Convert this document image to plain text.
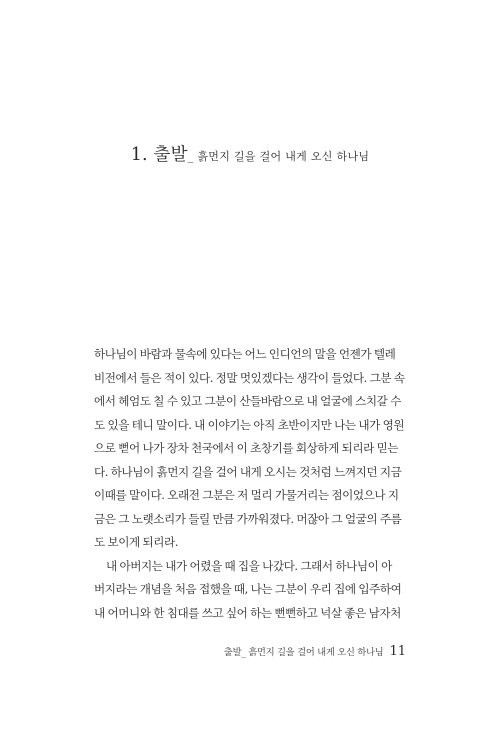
1. 출발_ 흙먼지 길을 걸어 내게 오신 하나님

하나님이 바람과 물속에 있다는 어느 인디언의 말을 언젠가 텔레
비전에서 들은 적이 있다. 정말 멋있겠다는 생각이 들었다. 그분 속
에서 헤엄도 칠 수 있고 그분이 산들바람으로 내 얼굴에 스치갈 수
도 있을 테니 말이다. 내 이야기는 아직 초반이지만 나는 내가 영원
으로 뻗어 나가 장차 천국에서 이 초창기를 회상하게 되리라 믿는
다. 하나님이 흙먼지 길을 걸어 내게 오시는 것처럼 느껴지던 지금
이때를 말이다. 오래전 그분은 저 멀리 가물거리는 점이었으나 지
금은 그 노랫소리가 들릴 만큼 가까워졌다. 머잖아 그 얼굴의 주름
도 보이게 되리라.

내 아버지는 내가 어렸을 때 집을 나갔다. 그래서 하나님이 아
버지라는 개념을 처음 접했을 때, 나는 그분이 우리 집에 입주하여
내 어머니와 한 침대를 쓰고 싶어 하는 뻔뻔하고 넉살 좋은 남자처

출발_ 흙먼지 길을 걸어 내게 오신 하나님 11
